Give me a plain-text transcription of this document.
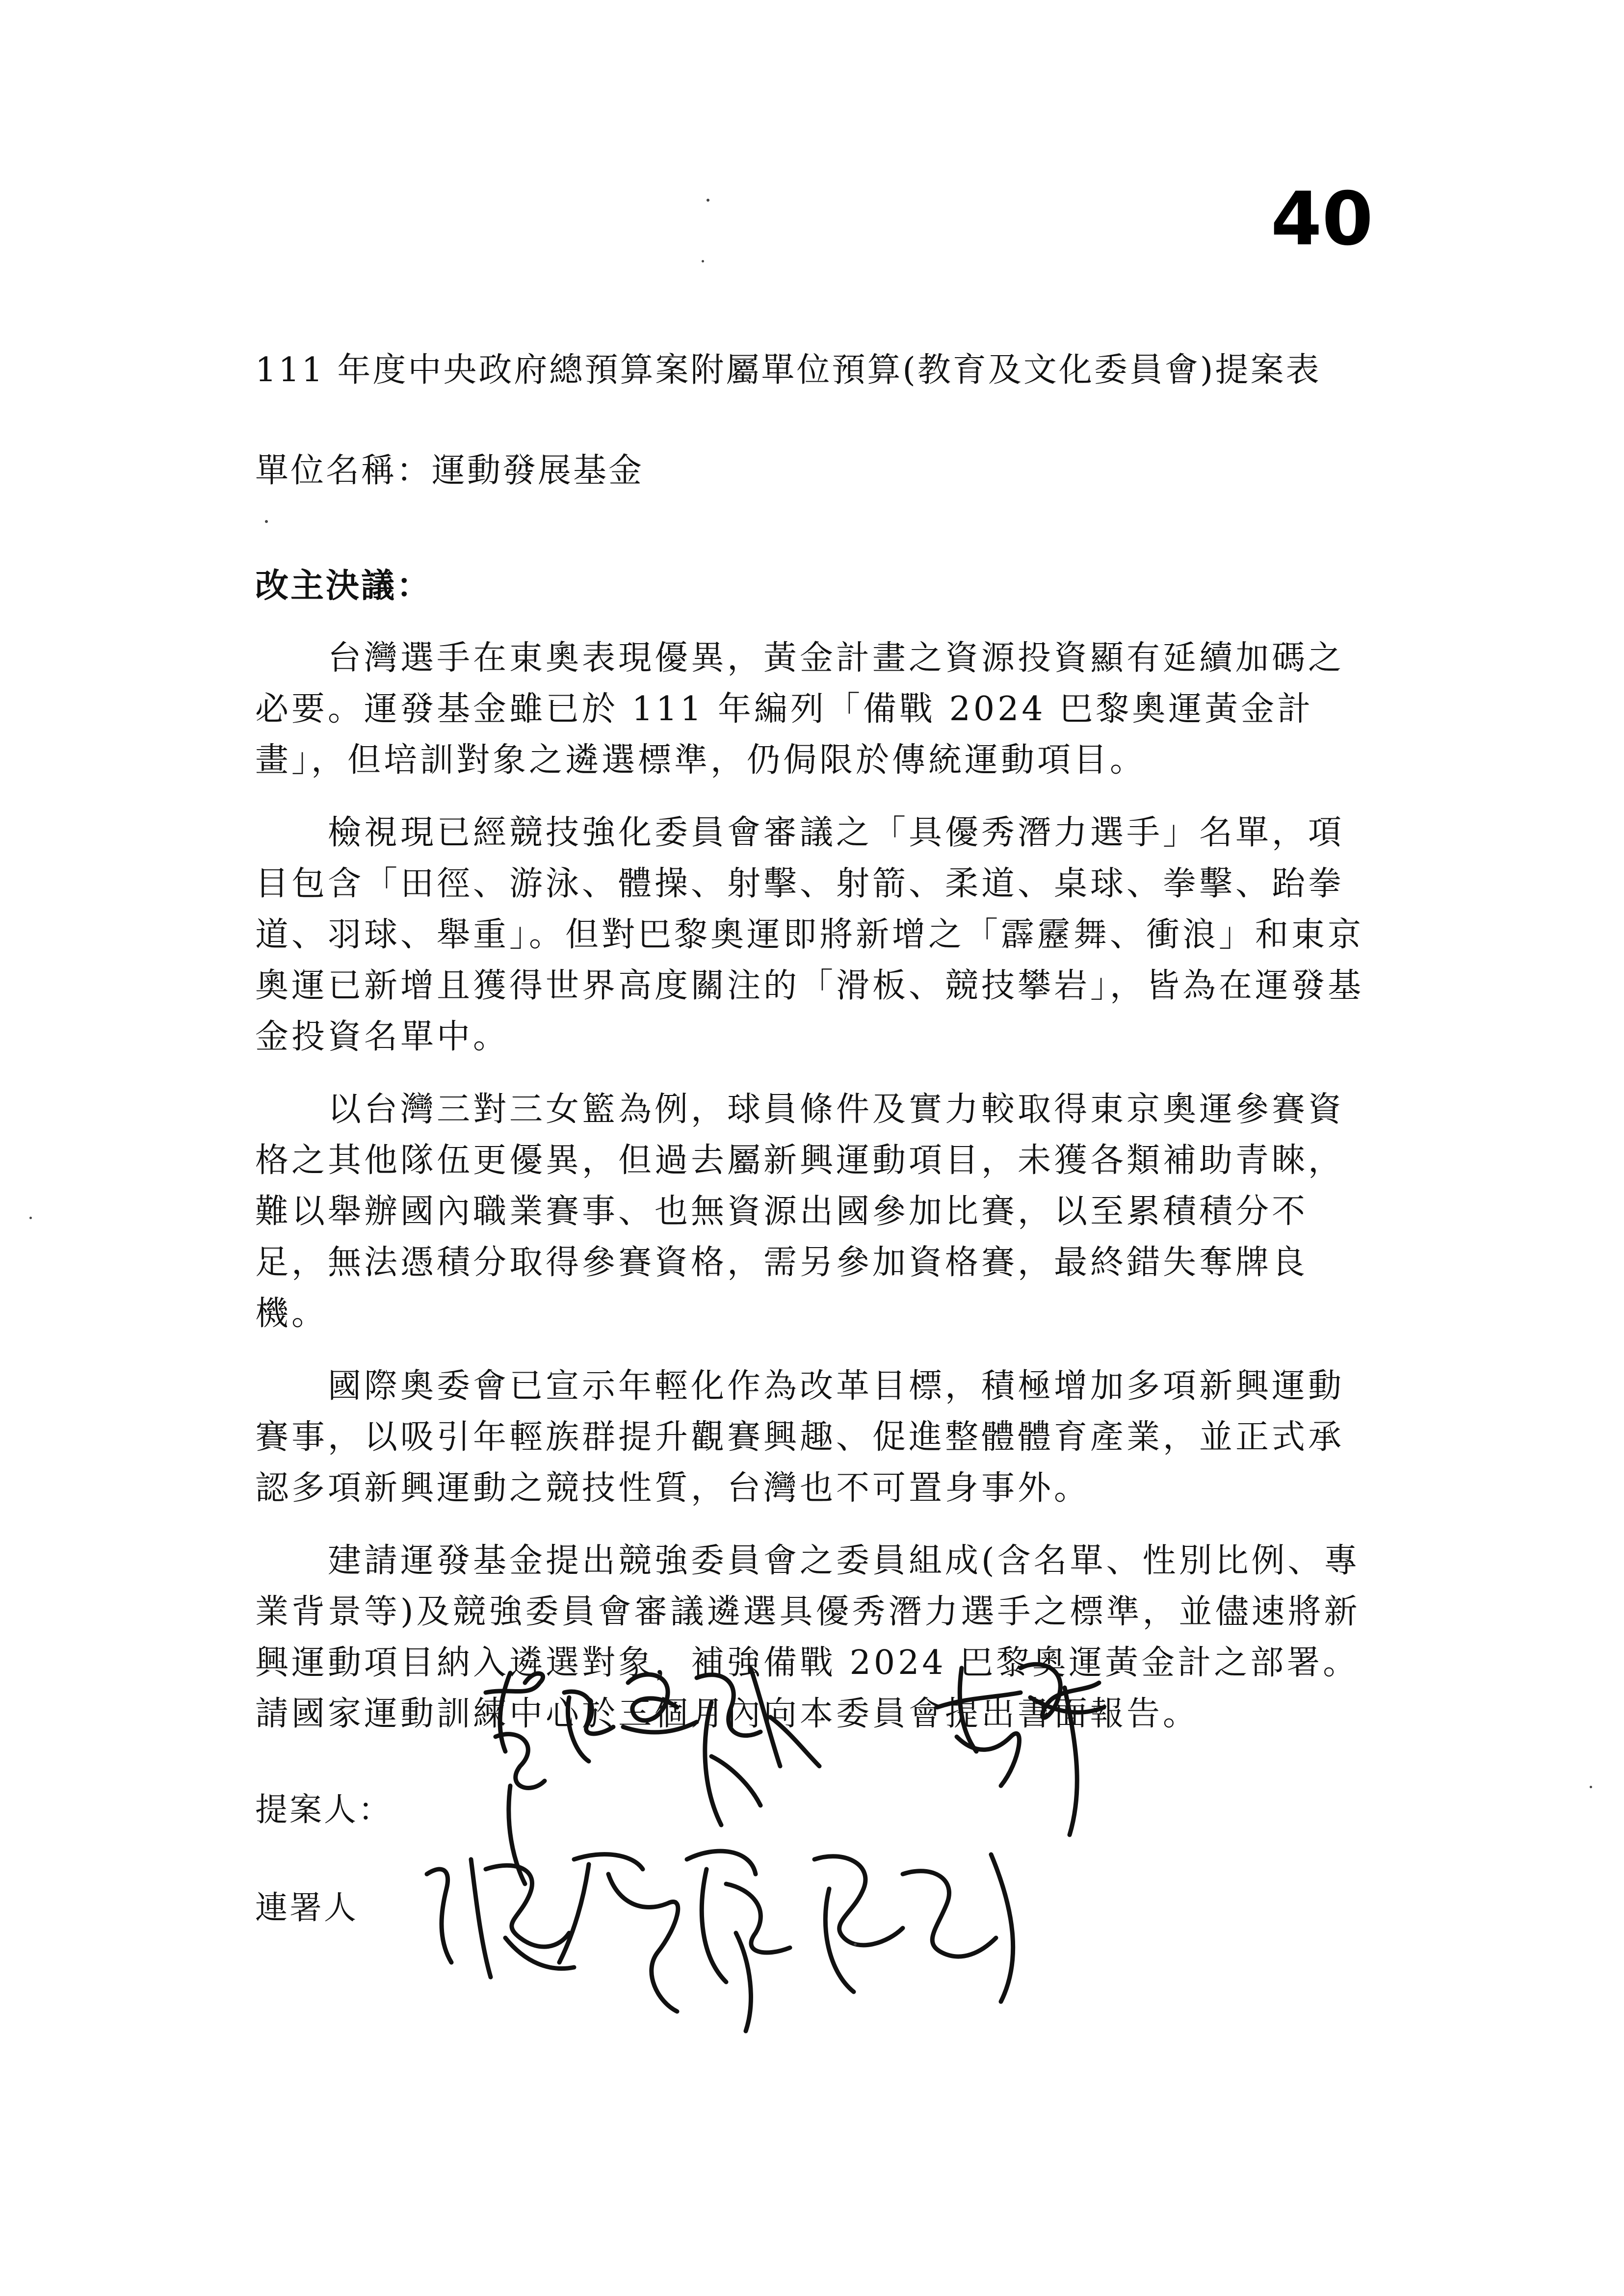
40
111 年度中央政府總預算案附屬單位預算(教育及文化委員會)提案表
單位名稱：運動發展基金
改主決議：

台灣選手在東奧表現優異，黃金計畫之資源投資顯有延續加碼之必要。運發基金雖已於 111 年編列「備戰 2024 巴黎奧運黃金計畫」，但培訓對象之遴選標準，仍侷限於傳統運動項目。

檢視現已經競技強化委員會審議之「具優秀潛力選手」名單，項目包含「田徑、游泳、體操、射擊、射箭、柔道、桌球、拳擊、跆拳道、羽球、舉重」。但對巴黎奧運即將新增之「霹靂舞、衝浪」和東京奧運已新增且獲得世界高度關注的「滑板、競技攀岩」，皆為在運發基金投資名單中。

以台灣三對三女籃為例，球員條件及實力較取得東京奧運參賽資格之其他隊伍更優異，但過去屬新興運動項目，未獲各類補助青睞，難以舉辦國內職業賽事、也無資源出國參加比賽，以至累積積分不足，無法憑積分取得參賽資格，需另參加資格賽，最終錯失奪牌良機。

國際奧委會已宣示年輕化作為改革目標，積極增加多項新興運動賽事，以吸引年輕族群提升觀賽興趣、促進整體體育產業，並正式承認多項新興運動之競技性質，台灣也不可置身事外。

建請運發基金提出競強委員會之委員組成(含名單、性別比例、專業背景等)及競強委員會審議遴選具優秀潛力選手之標準，並儘速將新興運動項目納入遴選對象，補強備戰 2024 巴黎奧運黃金計之部署。請國家運動訓練中心於三個月內向本委員會提出書面報告。

提案人：
連署人
